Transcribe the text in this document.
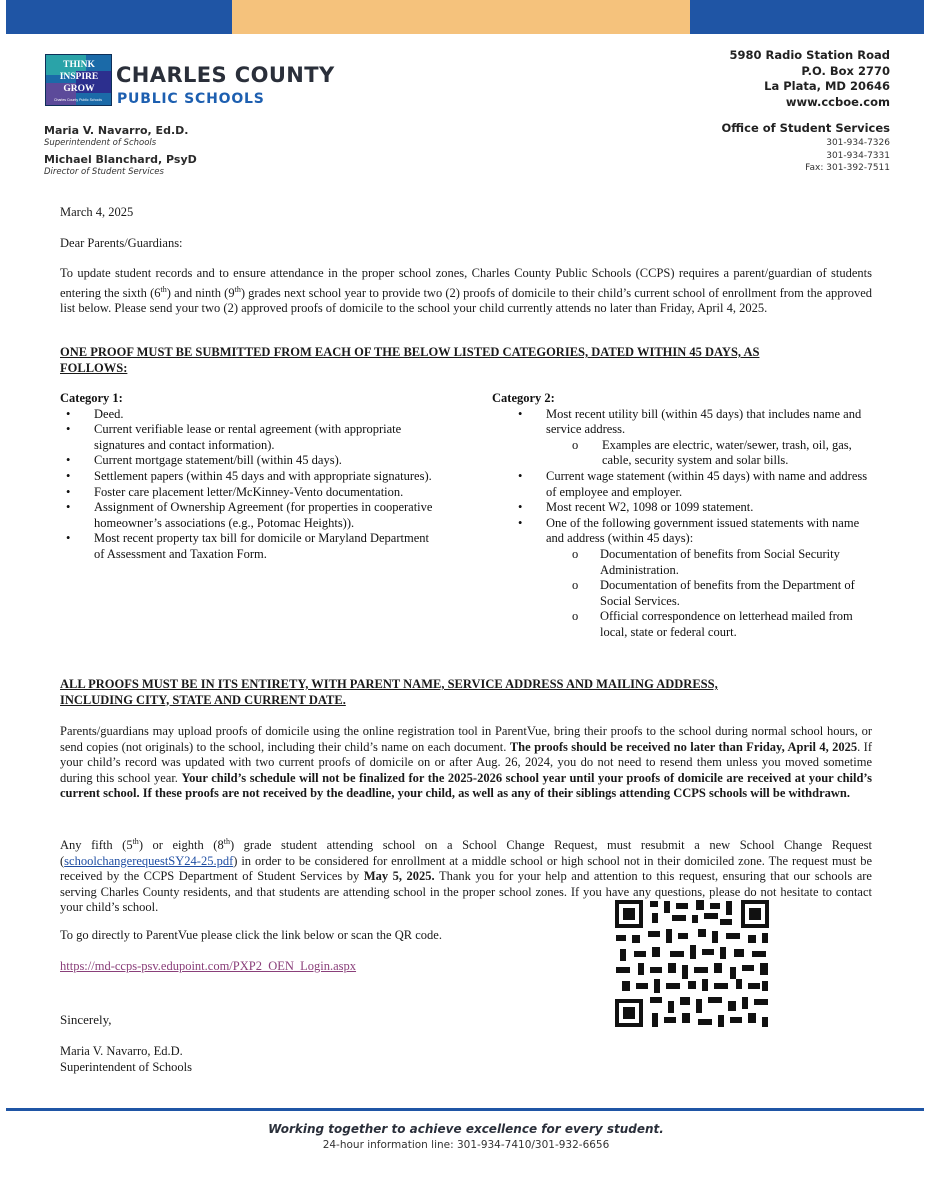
THINK
INSPIRE
GROW
Charles County Public Schools
CHARLES COUNTY
PUBLIC SCHOOLS
5980 Radio Station Road
P.O. Box 2770
La Plata, MD 20646
www.ccboe.com
Maria V. Navarro, Ed.D.
Superintendent of Schools
Michael Blanchard, PsyD
Director of Student Services
Office of Student Services
301-934-7326
301-934-7331
Fax: 301-392-7511
March 4, 2025
Dear Parents/Guardians:
To update student records and to ensure attendance in the proper school zones, Charles County Public Schools (CCPS) requires a parent/guardian of students entering the sixth (6th) and ninth (9th) grades next school year to provide two (2) proofs of domicile to their child’s current school of enrollment from the approved list below. Please send your two (2) approved proofs of domicile to the school your child currently attends no later than Friday, April 4, 2025.
ONE PROOF MUST BE SUBMITTED FROM EACH OF THE BELOW LISTED CATEGORIES, DATED WITHIN 45 DAYS, AS FOLLOWS:
Category 1:
• Deed.
• Current verifiable lease or rental agreement (with appropriate signatures and contact information).
• Current mortgage statement/bill (within 45 days).
• Settlement papers (within 45 days and with appropriate signatures).
• Foster care placement letter/McKinney-Vento documentation.
• Assignment of Ownership Agreement (for properties in cooperative homeowner’s associations (e.g., Potomac Heights)).
• Most recent property tax bill for domicile or Maryland Department of Assessment and Taxation Form.
Category 2:
• Most recent utility bill (within 45 days) that includes name and service address.
o Examples are electric, water/sewer, trash, oil, gas, cable, security system and solar bills.
• Current wage statement (within 45 days) with name and address of employee and employer.
• Most recent W2, 1098 or 1099 statement.
• One of the following government issued statements with name and address (within 45 days):
o Documentation of benefits from Social Security Administration.
o Documentation of benefits from the Department of Social Services.
o Official correspondence on letterhead mailed from local, state or federal court.
ALL PROOFS MUST BE IN ITS ENTIRETY, WITH PARENT NAME, SERVICE ADDRESS AND MAILING ADDRESS, INCLUDING CITY, STATE AND CURRENT DATE.
Parents/guardians may upload proofs of domicile using the online registration tool in ParentVue, bring their proofs to the school during normal school hours, or send copies (not originals) to the school, including their child’s name on each document. The proofs should be received no later than Friday, April 4, 2025. If your child’s record was updated with two current proofs of domicile on or after Aug. 26, 2024, you do not need to resend them unless you moved sometime during this school year. Your child’s schedule will not be finalized for the 2025-2026 school year until your proofs of domicile are received at your child’s current school. If these proofs are not received by the deadline, your child, as well as any of their siblings attending CCPS schools will be withdrawn.
Any fifth (5th) or eighth (8th) grade student attending school on a School Change Request, must resubmit a new School Change Request (schoolchangerequestSY24-25.pdf) in order to be considered for enrollment at a middle school or high school not in their domiciled zone. The request must be received by the CCPS Department of Student Services by May 5, 2025. Thank you for your help and attention to this request, ensuring that our schools are serving Charles County residents, and that students are attending school in the proper school zones. If you have any questions, please do not hesitate to contact your child’s school.
To go directly to ParentVue please click the link below or scan the QR code.
https://md-ccps-psv.edupoint.com/PXP2_OEN_Login.aspx
Sincerely,
Maria V. Navarro, Ed.D.
Superintendent of Schools
Working together to achieve excellence for every student.
24-hour information line: 301-934-7410/301-932-6656
